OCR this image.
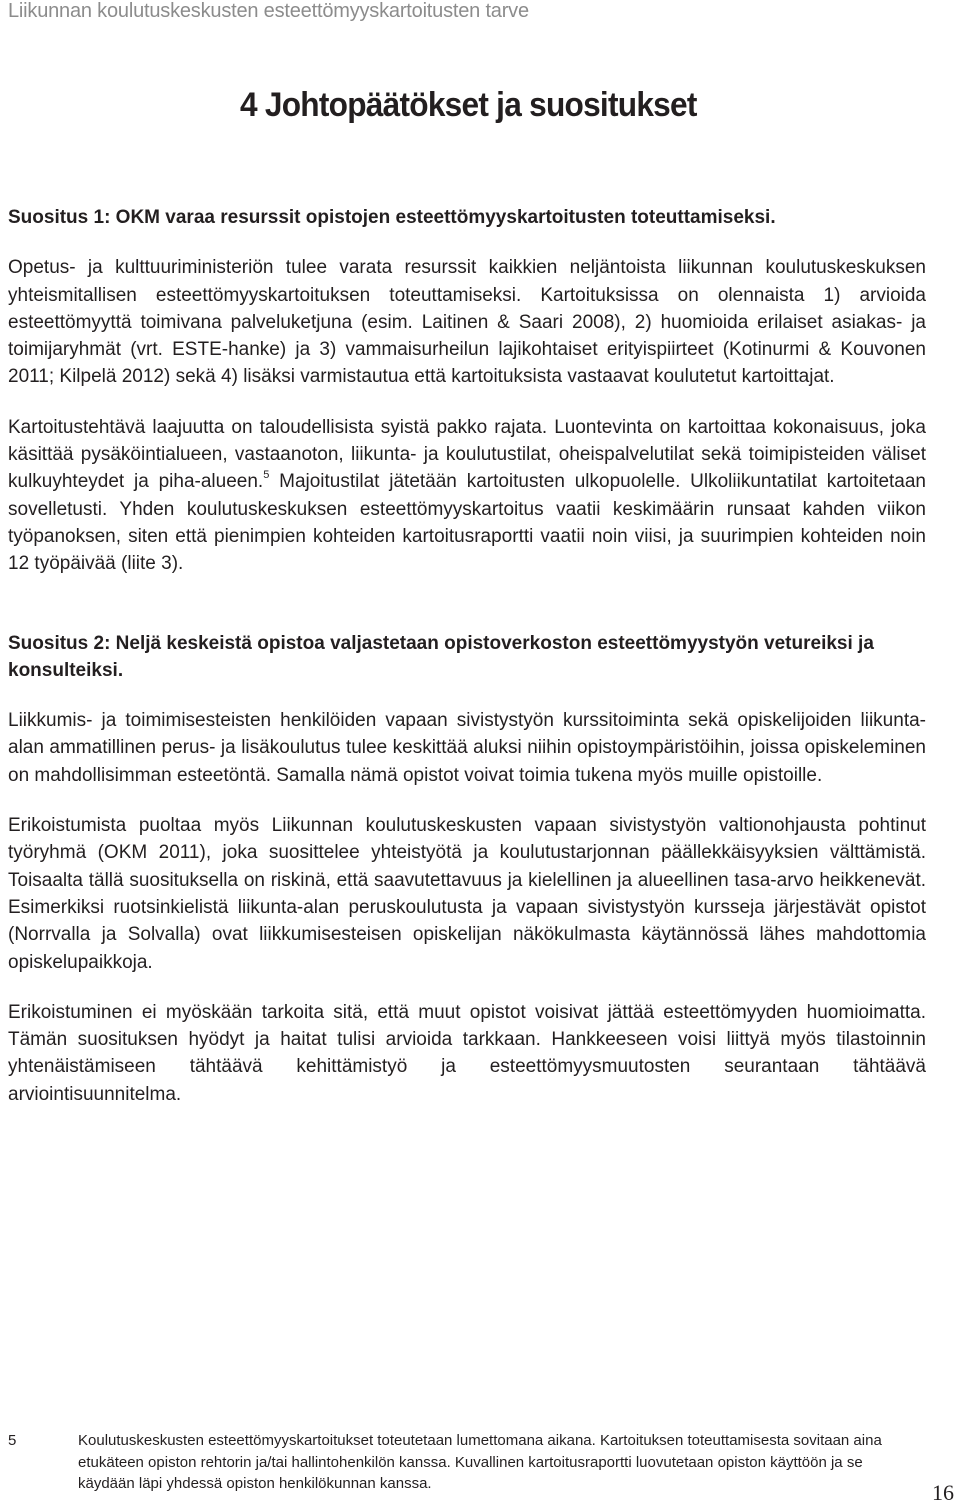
Liikunnan koulutuskeskusten esteettömyyskartoitusten tarve
4 Johtopäätökset ja suositukset

Suositus 1: OKM varaa resurssit opistojen esteettömyyskartoitusten toteuttamiseksi.

Opetus- ja kulttuuriministeriön tulee varata resurssit kaikkien neljäntoista liikunnan koulutuskeskuksen yhteismitallisen esteettömyyskartoituksen toteuttamiseksi. Kartoituksissa on olennaista 1) arvioida esteettömyyttä toimivana palveluketjuna (esim. Laitinen & Saari 2008), 2) huomioida erilaiset asiakas- ja toimijaryhmät (vrt. ESTE-hanke) ja 3) vammaisurheilun lajikohtaiset erityispiirteet (Kotinurmi & Kouvonen 2011; Kilpelä 2012) sekä 4) lisäksi varmistautua että kartoituksista vastaavat koulutetut kartoittajat.

Kartoitustehtävä laajuutta on taloudellisista syistä pakko rajata. Luontevinta on kartoittaa kokonaisuus, joka käsittää pysäköintialueen, vastaanoton, liikunta- ja koulutustilat, oheispalvelutilat sekä toimipisteiden väliset kulkuyhteydet ja piha-alueen.$^5$ Majoitustilat jätetään kartoitusten ulkopuolelle. Ulkoliikuntatilat kartoitetaan sovelletusti. Yhden koulutuskeskuksen esteettömyyskartoitus vaatii keskimäärin runsaat kahden viikon työpanoksen, siten että pienimpien kohteiden kartoitusraportti vaatii noin viisi, ja suurimpien kohteiden noin 12 työpäivää (liite 3).

Suositus 2: Neljä keskeistä opistoa valjastetaan opistoverkoston esteettömyystyön vetureiksi ja konsulteiksi.

Liikkumis- ja toimimisesteisten henkilöiden vapaan sivistystyön kurssitoiminta sekä opiskelijoiden liikunta-alan ammatillinen perus- ja lisäkoulutus tulee keskittää aluksi niihin opistoympäristöihin, joissa opiskeleminen on mahdollisimman esteetöntä. Samalla nämä opistot voivat toimia tukena myös muille opistoille.

Erikoistumista puoltaa myös Liikunnan koulutuskeskusten vapaan sivistystyön valtionohjausta pohtinut työryhmä (OKM 2011), joka suosittelee yhteistyötä ja koulutustarjonnan päällekkäisyyksien välttämistä. Toisaalta tällä suosituksella on riskinä, että saavutettavuus ja kielellinen ja alueellinen tasa-arvo heikkenevät. Esimerkiksi ruotsinkielistä liikunta-alan peruskoulutusta ja vapaan sivistystyön kursseja järjestävät opistot (Norrvalla ja Solvalla) ovat liikkumisesteisen opiskelijan näkökulmasta käytännössä lähes mahdottomia opiskelupaikkoja.

Erikoistuminen ei myöskään tarkoita sitä, että muut opistot voisivat jättää esteettömyyden huomioimatta. Tämän suosituksen hyödyt ja haitat tulisi arvioida tarkkaan. Hankkeeseen voisi liittyä myös tilastoinnin yhtenäistämiseen tähtäävä kehittämistyö ja esteettömyysmuutosten seurantaan tähtäävä arviointisuunnitelma.

5	Koulutuskeskusten esteettömyyskartoitukset toteutetaan lumettomana aikana. Kartoituksen toteuttamisesta sovitaan aina etukäteen opiston rehtorin ja/tai hallintohenkilön kanssa. Kuvallinen kartoitusraportti luovutetaan opiston käyttöön ja se käydään läpi yhdessä opiston henkilökunnan kanssa.	16
